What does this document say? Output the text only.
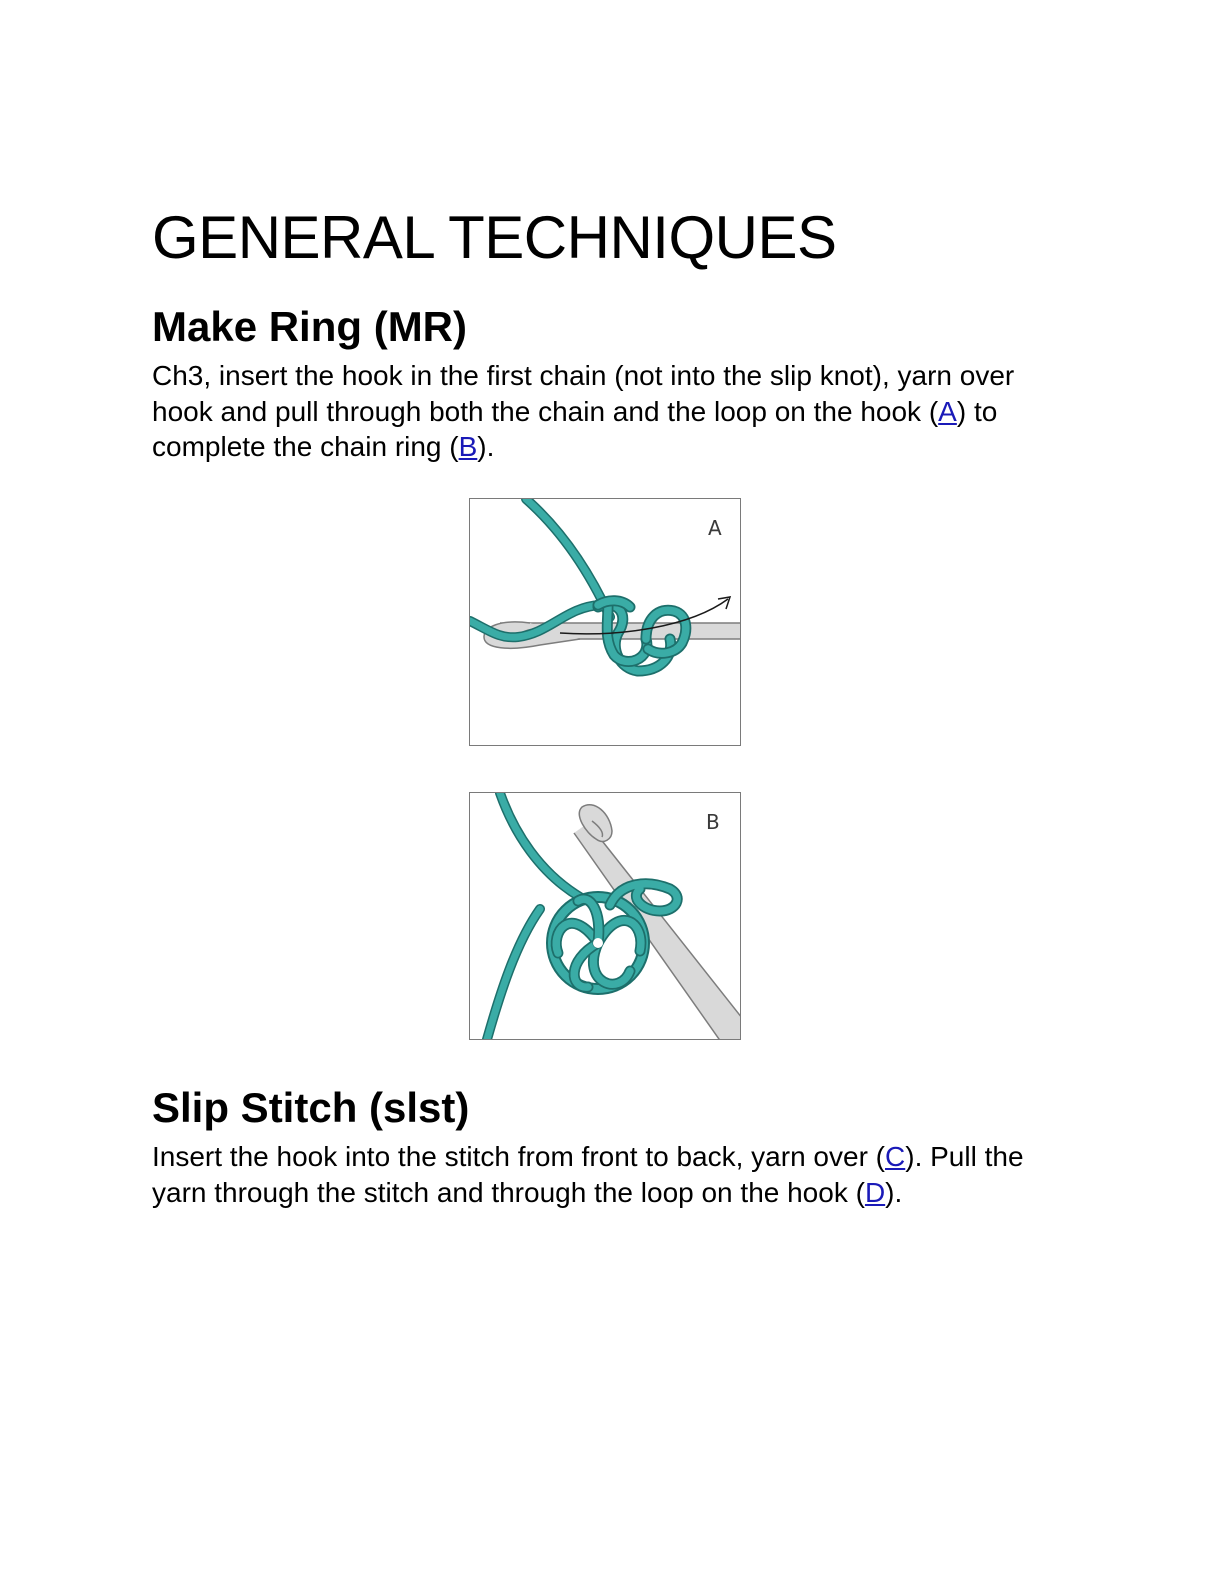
GENERAL TECHNIQUES
Make Ring (MR)

Ch3, insert the hook in the first chain (not into the slip knot), yarn over hook and pull through both the chain and the loop on the hook (A) to complete the chain ring (B).

A
B
Slip Stitch (slst)

Insert the hook into the stitch from front to back, yarn over (C). Pull the yarn through the stitch and through the loop on the hook (D).
